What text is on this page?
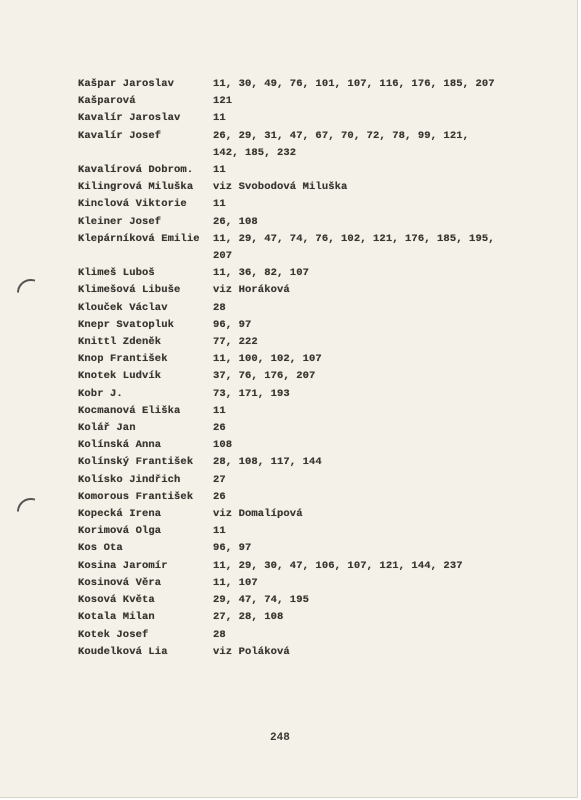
Kašpar Jaroslav	11, 30, 49, 76, 101, 107, 116, 176, 185, 207
Kašparová	121
Kavalír Jaroslav	11
Kavalír Josef	26, 29, 31, 47, 67, 70, 72, 78, 99, 121, 142, 185, 232
Kavalírová Dobrom.	11
Kilingrová Miluška	viz Svobodová Miluška
Kinclová Viktorie	11
Kleiner Josef	26, 108
Klepárníková Emilie	11, 29, 47, 74, 76, 102, 121, 176, 185, 195, 207
Klimeš Luboš	11, 36, 82, 107
Klimešová Libuše	viz Horáková
Klouček Václav	28
Knepr Svatopluk	96, 97
Knittl Zdeněk	77, 222
Knop František	11, 100, 102, 107
Knotek Ludvík	37, 76, 176, 207
Kobr J.	73, 171, 193
Kocmanová Eliška	11
Kolář Jan	26
Kolínská Anna	108
Kolínský František	28, 108, 117, 144
Kolísko Jindřich	27
Komorous František	26
Kopecká Irena	viz Domalípová
Korimová Olga	11
Kos Ota	96, 97
Kosina Jaromír	11, 29, 30, 47, 106, 107, 121, 144, 237
Kosinová Věra	11, 107
Kosová Květa	29, 47, 74, 195
Kotala Milan	27, 28, 108
Kotek Josef	28
Koudelková Lia	viz Poláková
248
